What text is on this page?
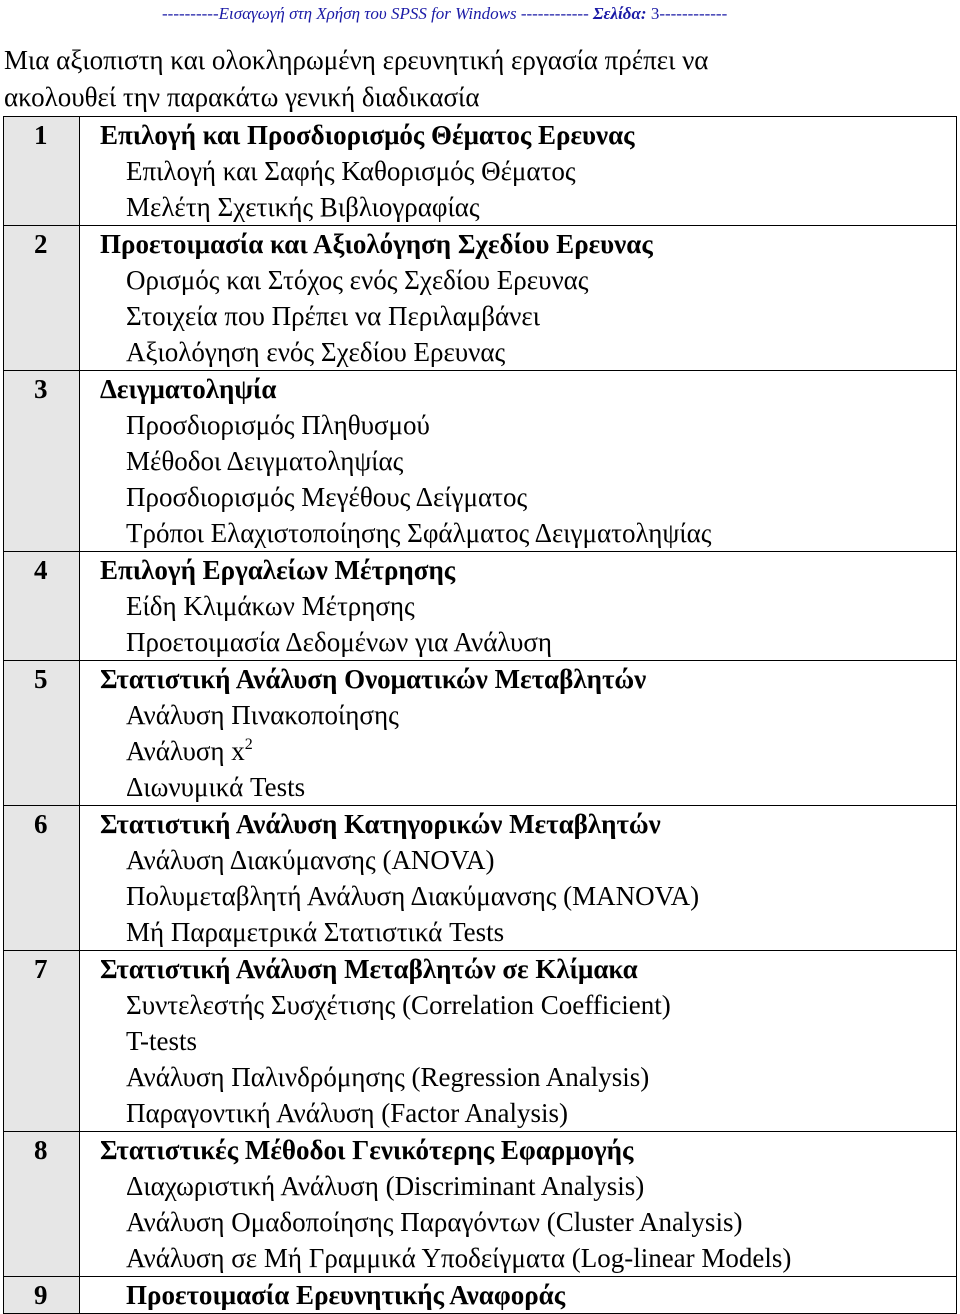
----------Εισαγωγή στη Χρήση του SPSS for Windows ------------ Σελίδα: 3------------
Μια αξιοπιστη και ολοκληρωμένη ερευνητική εργασία πρέπει να
ακολουθεί την παρακάτω γενική διαδικασία
1	Επιλογή και Προσδιορισμός Θέματος Ερευνας
Επιλογή και Σαφής Καθορισμός Θέματος
Μελέτη Σχετικής Βιβλιογραφίας

2	Προετοιμασία και Αξιολόγηση Σχεδίου Ερευνας
Ορισμός και Στόχος ενός Σχεδίου Ερευνας
Στοιχεία που Πρέπει να Περιλαμβάνει
Αξιολόγηση ενός Σχεδίου Ερευνας

3	Δειγματοληψία
Προσδιορισμός Πληθυσμού
Μέθοδοι Δειγματοληψίας
Προσδιορισμός Μεγέθους Δείγματος
Τρόποι Ελαχιστοποίησης Σφάλματος Δειγματοληψίας

4	Επιλογή Εργαλείων Μέτρησης
Είδη Κλιμάκων Μέτρησης
Προετοιμασία Δεδομένων για Ανάλυση

5	Στατιστική Ανάλυση Ονοματικών Μεταβλητών
Ανάλυση Πινακοποίησης
Ανάλυση $x^2$
Διωνυμικά Tests

6	Στατιστική Ανάλυση Κατηγορικών Μεταβλητών
Ανάλυση Διακύμανσης (ANOVA)
Πολυμεταβλητή Ανάλυση Διακύμανσης (MANOVA)
Μή Παραμετρικά Στατιστικά Tests

7	Στατιστική Ανάλυση Μεταβλητών σε Κλίμακα
Συντελεστής Συσχέτισης (Correlation Coefficient)
T-tests
Ανάλυση Παλινδρόμησης (Regression Analysis)
Παραγοντική Ανάλυση (Factor Analysis)

8	Στατιστικές Μέθοδοι Γενικότερης Εφαρμογής
Διαχωριστική Ανάλυση (Discriminant Analysis)
Ανάλυση Ομαδοποίησης Παραγόντων (Cluster Analysis)
Ανάλυση σε Μή Γραμμικά Υποδείγματα (Log-linear Models)

9	Προετοιμασία Ερευνητικής Αναφοράς
